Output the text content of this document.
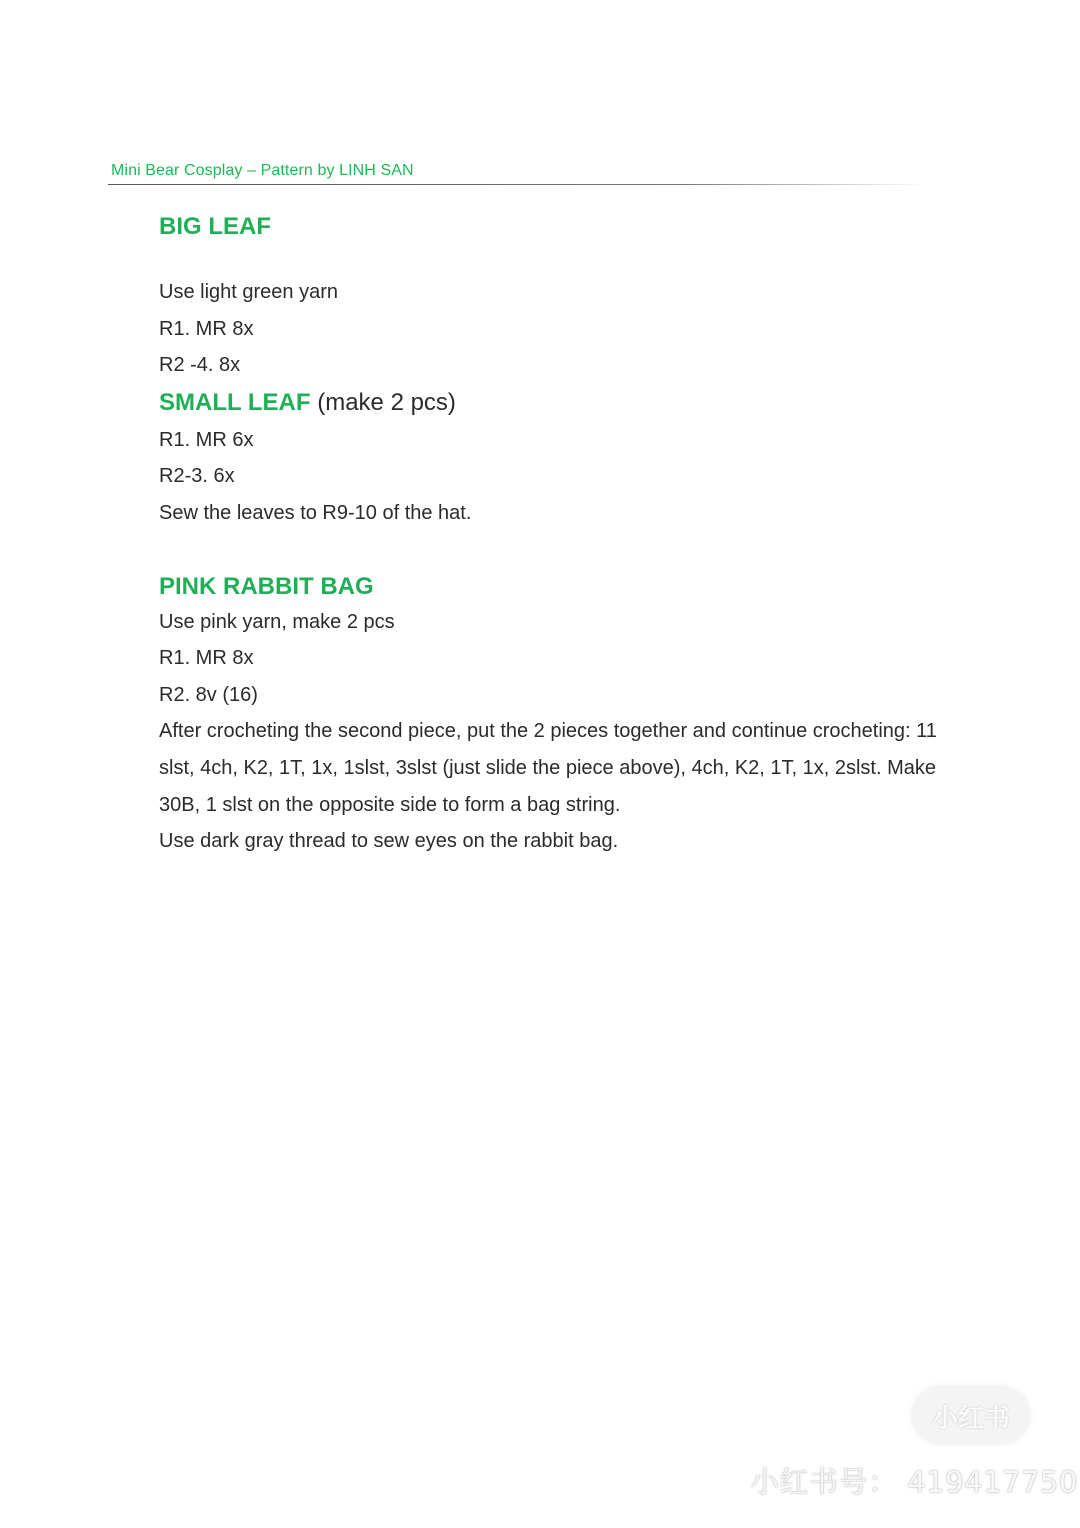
Mini Bear Cosplay – Pattern by LINH SAN
BIG LEAF
Use light green yarn
R1. MR 8x
R2 -4. 8x
SMALL LEAF (make 2 pcs)
R1. MR 6x
R2-3. 6x
Sew the leaves to R9-10 of the hat.
PINK RABBIT BAG
Use pink yarn, make 2 pcs
R1. MR 8x
R2. 8v (16)
After crocheting the second piece, put the 2 pieces together and continue crocheting: 11 slst, 4ch, K2, 1T, 1x, 1slst, 3slst (just slide the piece above), 4ch, K2, 1T, 1x, 2slst. Make 30B, 1 slst on the opposite side to form a bag string.
Use dark gray thread to sew eyes on the rabbit bag.
小红书
小红书号： 419417750
